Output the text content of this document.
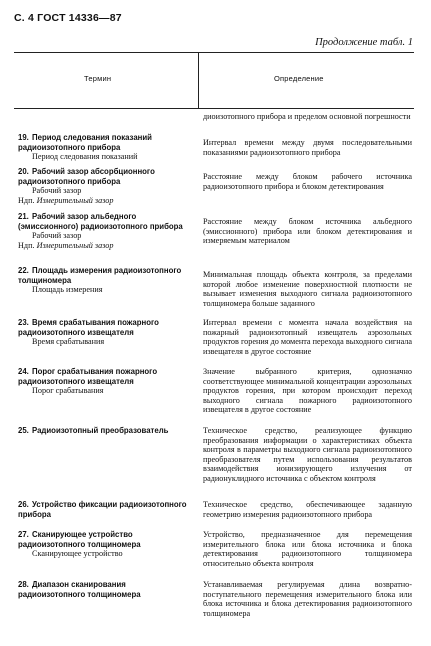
С. 4 ГОСТ 14336—87
Продолжение табл. 1
Термин	Определение
диоизотопного прибора и пределом основной погрешности
19. Период следования показаний радиоизотопного прибора
Период следования показаний
Интервал времени между двумя последовательными показаниями радиоизотопного прибора
20. Рабочий зазор абсорбционного радиоизотопного прибора
Рабочий зазор
Ндп. Измерительный зазор
Расстояние между блоком рабочего источника радиоизотопного прибора и блоком детектирования
21. Рабочий зазор альбедного (эмиссионного) радиоизотопного прибора
Рабочий зазор
Ндп. Измерительный зазор
Расстояние между блоком источника альбедного (эмиссионного) прибора или блоком детектирования и измеряемым материалом
22. Площадь измерения радиоизотопного толщиномера
Площадь измерения
Минимальная площадь объекта контроля, за пределами которой любое изменение поверхностной плотности не вызывает изменения выходного сигнала радиоизотопного толщиномера больше заданного
23. Время срабатывания пожарного радиоизотопного извещателя
Время срабатывания
Интервал времени с момента начала воздействия на пожарный радиоизотопный извещатель аэрозольных продуктов горения до момента перехода выходного сигнала извещателя в другое состояние
24. Порог срабатывания пожарного радиоизотопного извещателя
Порог срабатывания
Значение выбранного критерия, однозначно соответствующее минимальной концентрации аэрозольных продуктов горения, при котором происходит переход выходного сигнала пожарного радиоизотопного извещателя в другое состояние
25. Радиоизотопный преобразователь	Техническое средство, реализующее функцию преобразования информации о характеристиках объекта контроля в параметры выходного сигнала радиоизотопного преобразователя путем использования результатов взаимодействия ионизирующего излучения от радионуклидного источника с объектом контроля
26. Устройство фиксации радиоизотопного прибора
Техническое средство, обеспечивающее заданную геометрию измерения радиоизотопного прибора
27. Сканирующее устройство радиоизотопного толщиномера
Сканирующее устройство
Устройство, предназначенное для перемещения измерительного блока или блока источника и блока детектирования радиоизотопного толщиномера относительно объекта контроля
28. Диапазон сканирования радиоизотопного толщиномера
Устанавливаемая регулируемая длина возвратно-поступательного перемещения измерительного блока или блока источника и блока детектирования радиоизотопного толщиномера
